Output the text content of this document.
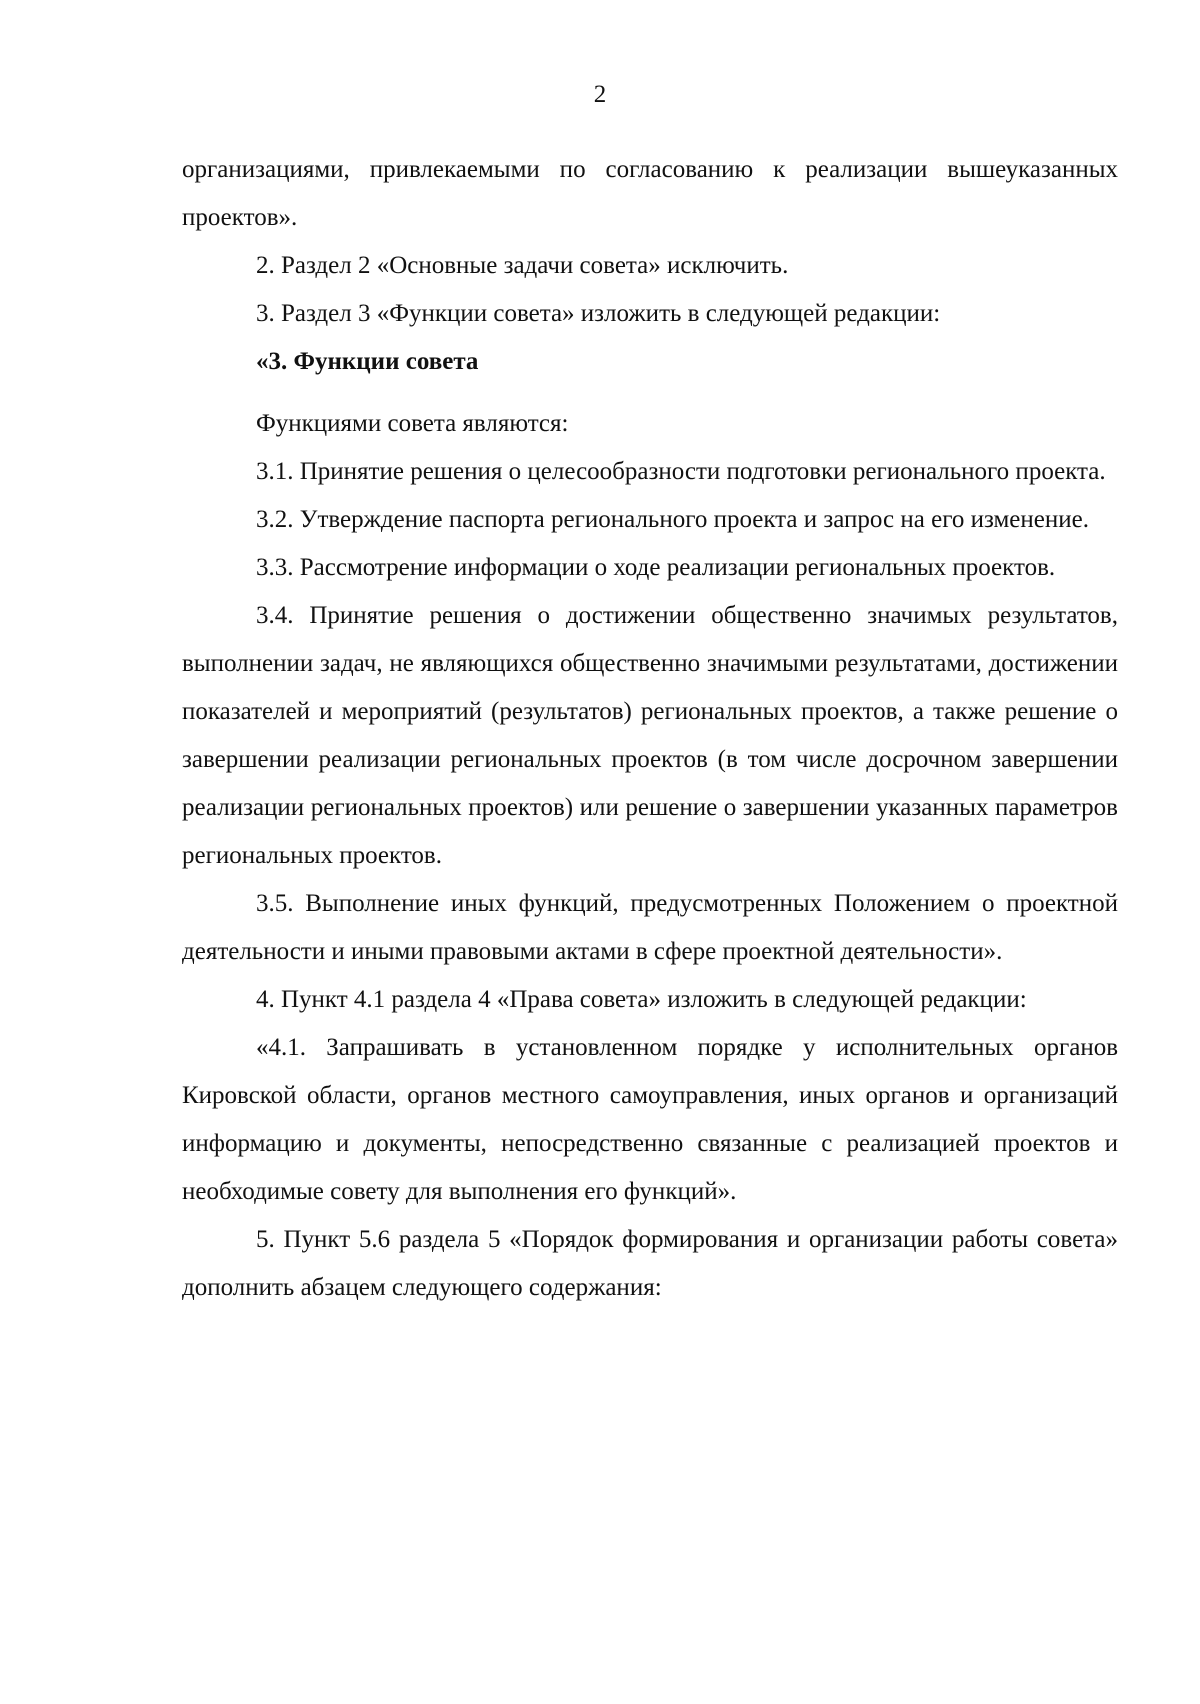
2

организациями, привлекаемыми по согласованию к реализации вышеуказанных проектов».

2. Раздел 2 «Основные задачи совета» исключить.

3. Раздел 3 «Функции совета» изложить в следующей редакции:

«3. Функции совета

Функциями совета являются:

3.1. Принятие решения о целесообразности подготовки регионального проекта.

3.2. Утверждение паспорта регионального проекта и запрос на его изменение.

3.3. Рассмотрение информации о ходе реализации региональных проектов.

3.4. Принятие решения о достижении общественно значимых результатов, выполнении задач, не являющихся общественно значимыми результатами, достижении показателей и мероприятий (результатов) региональных проектов, а также решение о завершении реализации региональных проектов (в том числе досрочном завершении реализации региональных проектов) или решение о завершении указанных параметров региональных проектов.

3.5. Выполнение иных функций, предусмотренных Положением о проектной деятельности и иными правовыми актами в сфере проектной деятельности».

4. Пункт 4.1 раздела 4 «Права совета» изложить в следующей редакции:

«4.1. Запрашивать в установленном порядке у исполнительных органов Кировской области, органов местного самоуправления, иных органов и организаций информацию и документы, непосредственно связанные с реализацией проектов и необходимые совету для выполнения его функций».

5. Пункт 5.6 раздела 5 «Порядок формирования и организации работы совета» дополнить абзацем следующего содержания:
